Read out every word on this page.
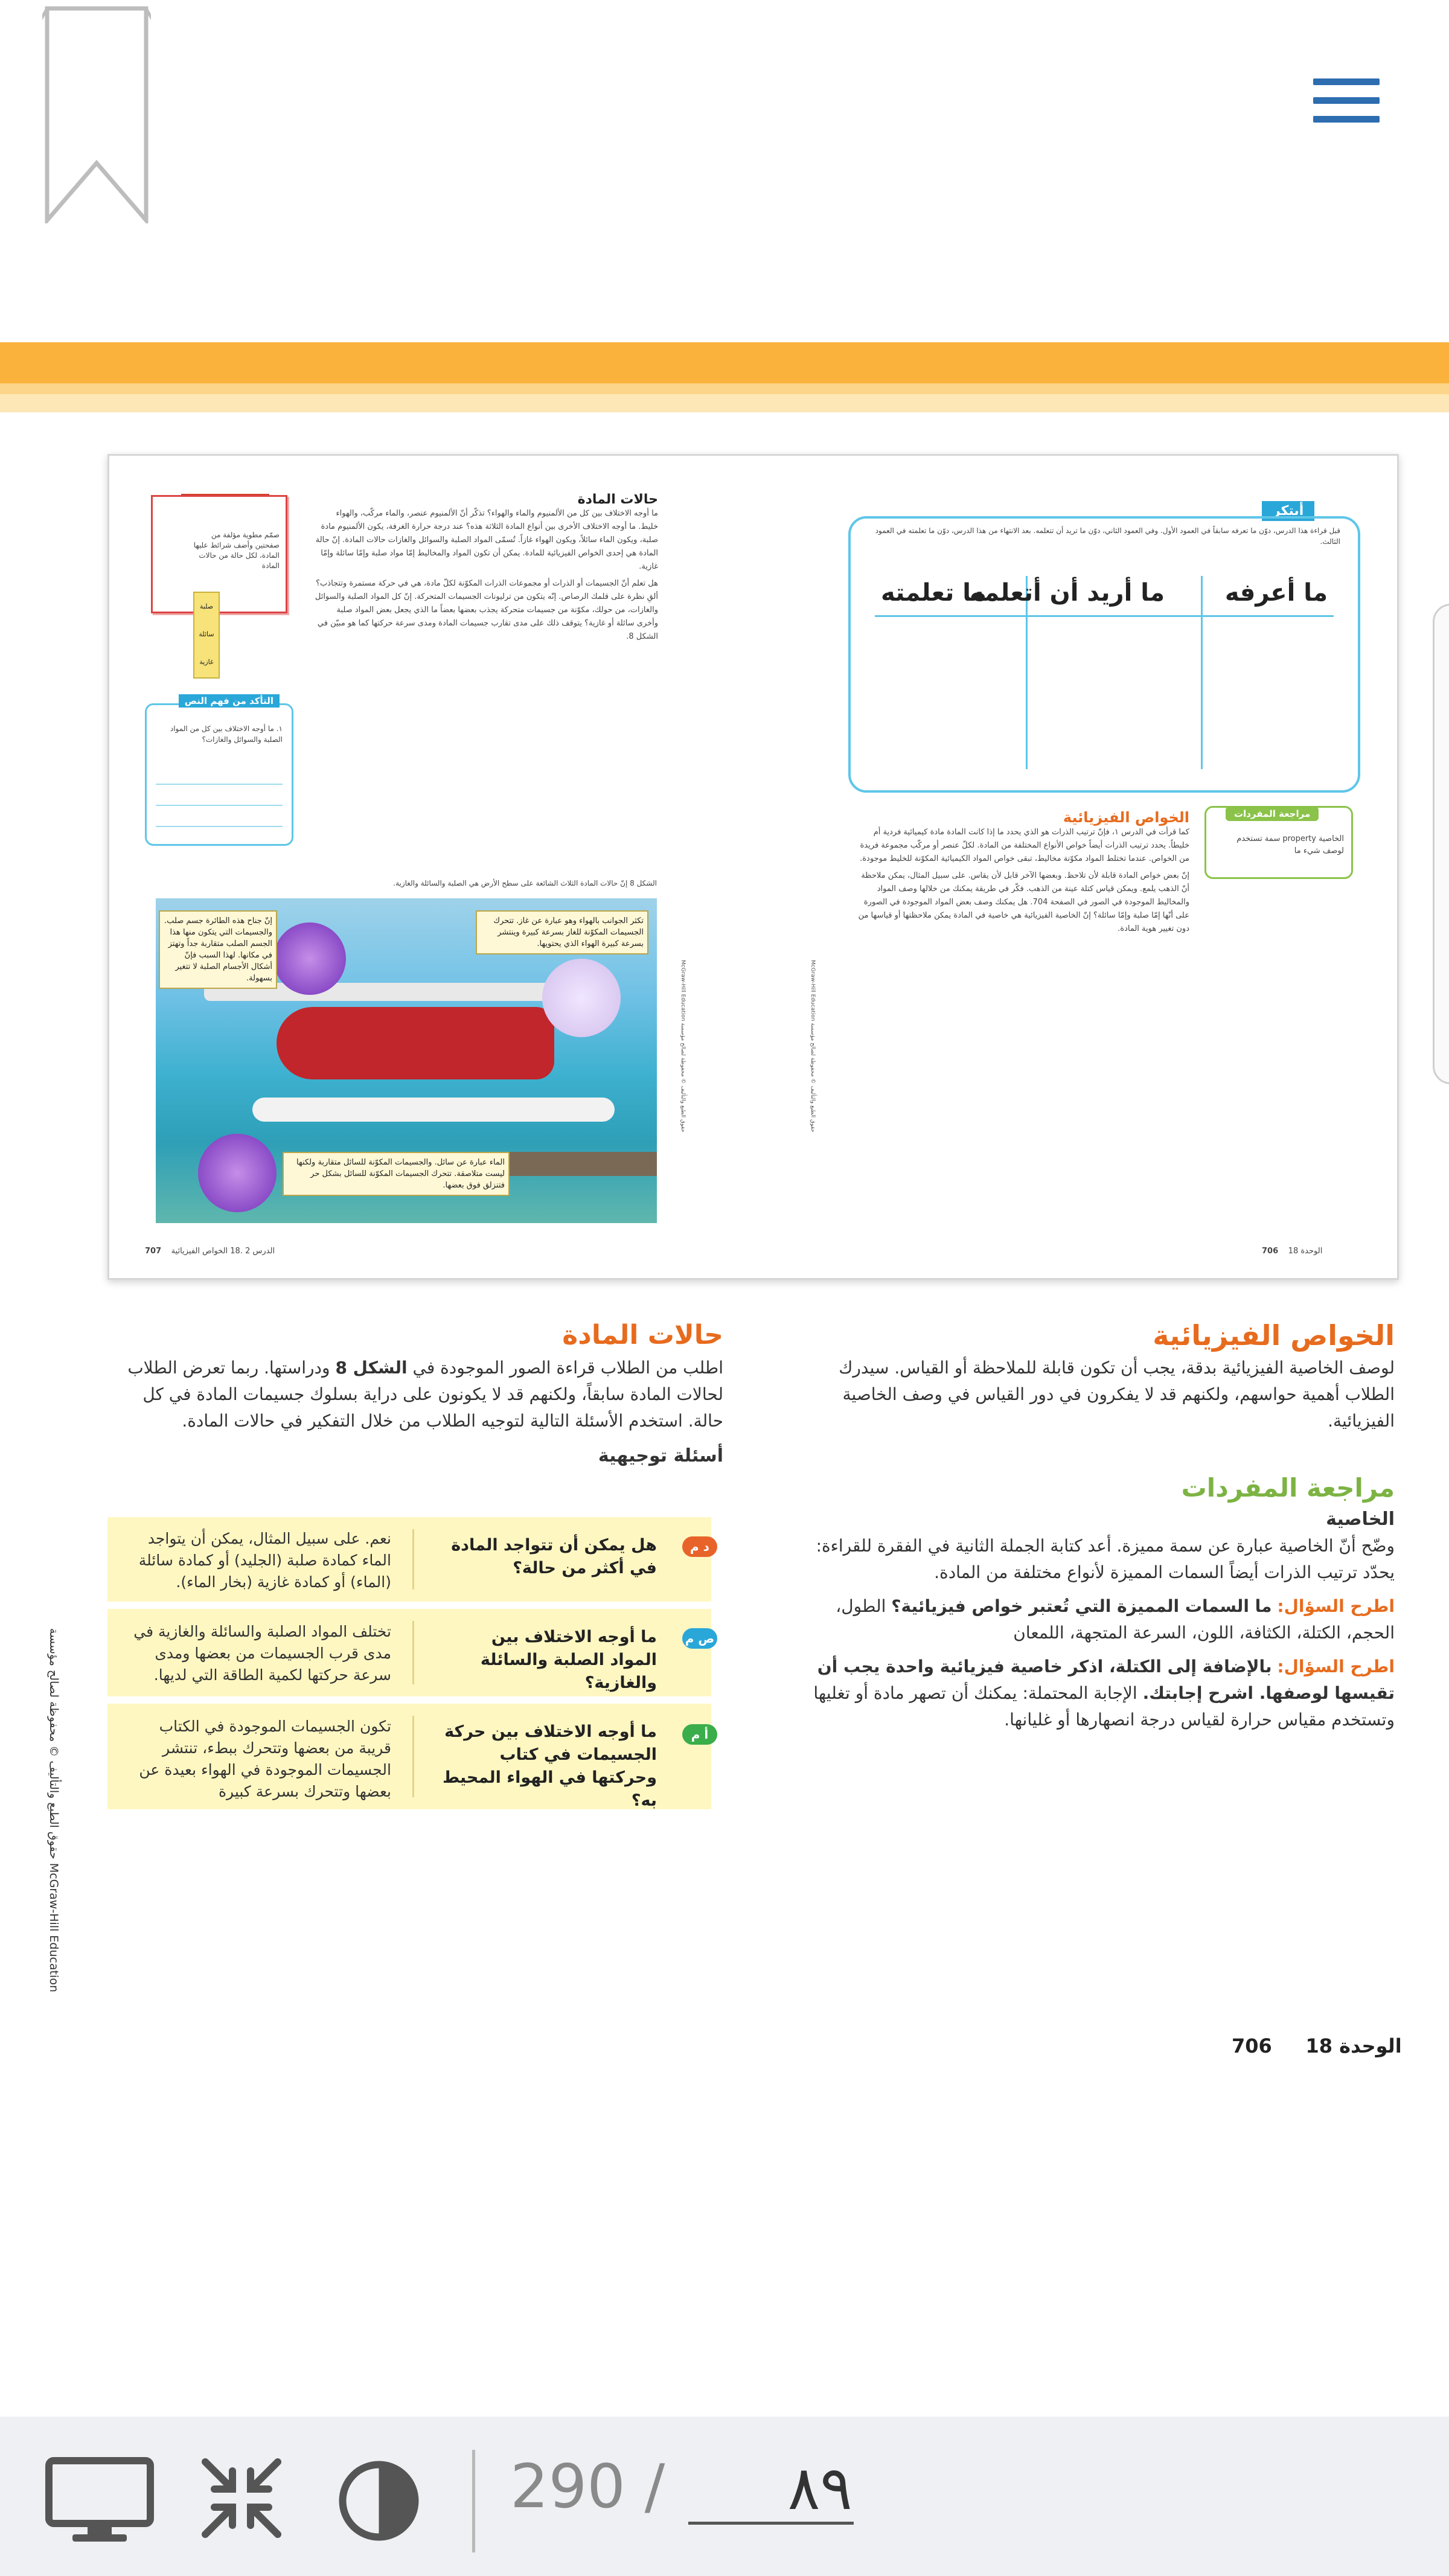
صمّم مطوية مؤلفة من صفحتين وأضف شرائط عليها المادة، لكل حالة من حالات المادة
صلبة
سائلة
غازية
حالات المادة
ما أوجه الاختلاف بين كل من الألمنيوم والماء والهواء؟ تذكّر أنّ الألمنيوم عنصر، والماء مركّب، والهواء خليط. ما أوجه الاختلاف الأخرى بين أنواع المادة الثلاثة هذه؟ عند درجة حرارة الغرفة، يكون الألمنيوم مادة صلبة، ويكون الماء سائلاً، ويكون الهواء غازاً. تُسمّى المواد الصلبة والسوائل والغازات حالات المادة. إنّ حالة المادة هي إحدى الخواص الفيزيائية للمادة. يمكن أن تكون المواد والمخاليط إمّا مواد صلبة وإمّا سائلة وإمّا غازية.
هل تعلم أنّ الجسيمات أو الذرات أو مجموعات الذرات المكوّنة لكلّ مادة، هي في حركة مستمرة وتتجاذب؟ ألقِ نظرة على قلمك الرصاص. إنّه يتكون من ترليونات الجسيمات المتحركة. إنّ كل المواد الصلبة والسوائل والغازات، من حولك، مكوّنة من جسيمات متحركة يجذب بعضها بعضاً ما الذي يجعل بعض المواد صلبة وأخرى سائلة أو غازية؟ يتوقف ذلك على مدى تقارب جسيمات المادة ومدى سرعة حركتها كما هو مبيّن في الشكل 8.
التأكد من فهم النص
١. ما أوجه الاختلاف بين كل من المواد الصلبة والسوائل والغازات؟
الشكل 8 إنّ حالات المادة الثلاث الشائعة على سطح الأرض هي الصلبة والسائلة والغازية.
إنّ جناح هذه الطائرة جسم صلب. والجسيمات التي يتكون منها هذا الجسم الصلب متقاربة جداً وتهتز في مكانها. لهذا السبب فإنّ أشكال الأجسام الصلبة لا تتغير بسهولة.
تكثر الجوانب بالهواء وهو عبارة عن غاز. تتحرك الجسيمات المكوّنة للغاز بسرعة كبيرة وينتشر بسرعة كبيرة الهواء الذي يحتويها.
الماء عبارة عن سائل. والجسيمات المكوّنة للسائل متقاربة ولكنها ليست متلاصقة. تتحرك الجسيمات المكوّنة للسائل بشكل حر فتنزلق فوق بعضها.
707 الدرس 2 .18 الخواص الفيزيائية
McGraw-Hill Education حقوق الطبع والتأليف © محفوظة لصالح مؤسسة
McGraw-Hill Education حقوق الطبع والتأليف © محفوظة لصالح مؤسسة
أبتكر
قبل قراءة هذا الدرس، دوّن ما تعرفه سابقاً في العمود الأول. وفي العمود الثاني، دوّن ما تريد أن تتعلمه. بعد الانتهاء من هذا الدرس، دوّن ما تعلمته في العمود الثالث.
ما أعرفه
ما أريد أن أتعلمه
ما تعلمته
الخاصية property سمة تستخدم لوصف شيء ما
مراجعة المفردات
الخواص الفيزيائية
كما قرأت في الدرس ١، فإنّ ترتيب الذرات هو الذي يحدد ما إذا كانت المادة مادة كيميائية فردية أم خليطاً. يحدد ترتيب الذرات أيضاً خواص الأنواع المختلفة من المادة. لكلّ عنصر أو مركّب مجموعة فريدة من الخواص. عندما تختلط المواد مكوّنة مخاليط، تبقى خواص المواد الكيميائية المكوّنة للخليط موجودة.
إنّ بعض خواص المادة قابلة لأن تلاحظ. وبعضها الآخر قابل لأن يقاس. على سبيل المثال، يمكن ملاحظة أنّ الذهب يلمع. ويمكن قياس كتلة عينة من الذهب. فكّر في طريقة يمكنك من خلالها وصف المواد والمخاليط الموجودة في الصور في الصفحة 704. هل يمكنك وصف بعض المواد الموجودة في الصورة على أنّها إمّا صلبة وإمّا سائلة؟ إنّ الخاصية الفيزيائية هي خاصية في المادة يمكن ملاحظتها أو قياسها من دون تغيير هوية المادة.
الوحدة 18    706
الخواص الفيزيائية
لوصف الخاصية الفيزيائية بدقة، يجب أن تكون قابلة للملاحظة أو القياس. سيدرك الطلاب أهمية حواسهم، ولكنهم قد لا يفكرون في دور القياس في وصف الخاصية الفيزيائية.
مراجعة المفردات
الخاصية
وضّح أنّ الخاصية عبارة عن سمة مميزة. أعد كتابة الجملة الثانية في الفقرة للقراءة: يحدّد ترتيب الذرات أيضاً السمات المميزة لأنواع مختلفة من المادة.
اطرح السؤال: ما السمات المميزة التي تُعتبر خواص فيزيائية؟ الطول، الحجم، الكتلة، الكثافة، اللون، السرعة المتجهة، اللمعان
اطرح السؤال: بالإضافة إلى الكتلة، اذكر خاصية فيزيائية واحدة يجب أن تقيسها لوصفها. اشرح إجابتك. الإجابة المحتملة: يمكنك أن تصهر مادة أو تغليها وتستخدم مقياس حرارة لقياس درجة انصهارها أو غليانها.
حالات المادة
اطلب من الطلاب قراءة الصور الموجودة في الشكل 8 ودراستها. ربما تعرض الطلاب لحالات المادة سابقاً، ولكنهم قد لا يكونون على دراية بسلوك جسيمات المادة في كل حالة. استخدم الأسئلة التالية لتوجيه الطلاب من خلال التفكير في حالات المادة.
أسئلة توجيهية
د م
هل يمكن أن تتواجد المادة في أكثر من حالة؟
نعم. على سبيل المثال، يمكن أن يتواجد الماء كمادة صلبة (الجليد) أو كمادة سائلة (الماء) أو كمادة غازية (بخار الماء).
ص م
ما أوجه الاختلاف بين المواد الصلبة والسائلة والغازية؟
تختلف المواد الصلبة والسائلة والغازية في مدى قرب الجسيمات من بعضها ومدى سرعة حركتها لكمية الطاقة التي لديها.
أ م
ما أوجه الاختلاف بين حركة الجسيمات في كتاب وحركتها في الهواء المحيط به؟
تكون الجسيمات الموجودة في الكتاب قريبة من بعضها وتتحرك ببطء، تنتشر الجسيمات الموجودة في الهواء بعيدة عن بعضها وتتحرك بسرعة كبيرة
McGraw-Hill Education حقوق الطبع والتأليف © محفوظة لصالح مؤسسة
الوحدة 18     706
290 /
٨٩
